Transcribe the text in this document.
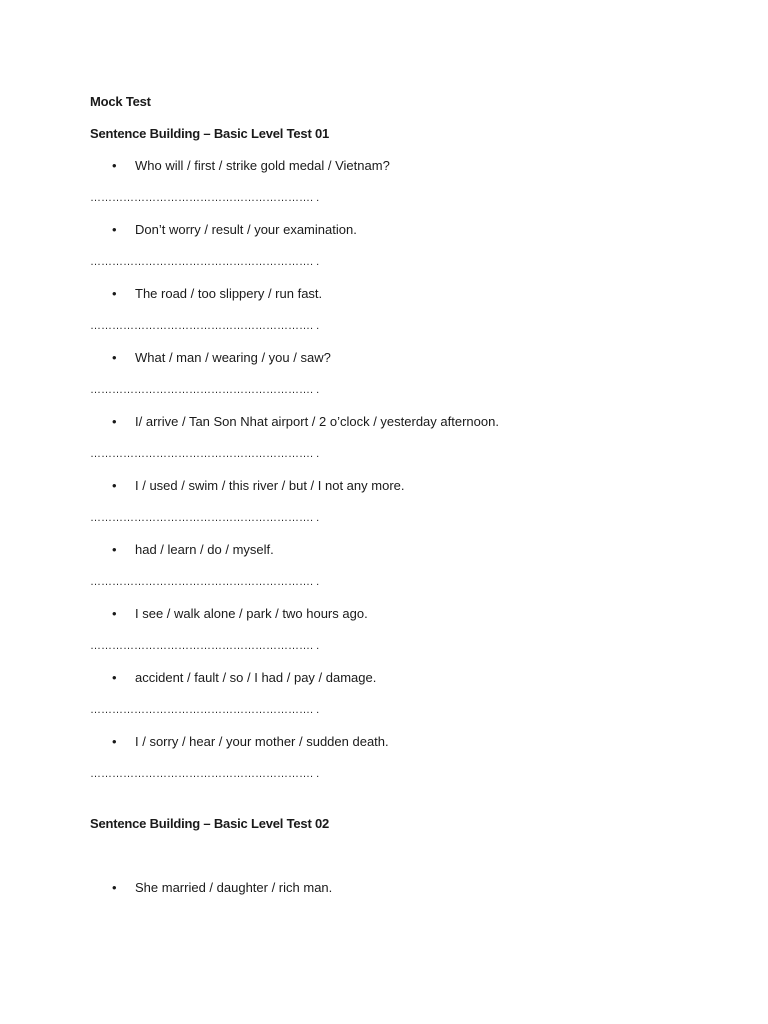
Mock Test
Sentence Building – Basic Level Test 01
• Who will / first / strike gold medal / Vietnam?
……………………………………………………. .
• Don’t worry / result / your examination.
……………………………………………………. .
• The road / too slippery / run fast.
……………………………………………………. .
• What / man / wearing / you / saw?
……………………………………………………. .
• I/ arrive / Tan Son Nhat airport / 2 o’clock / yesterday afternoon.
……………………………………………………. .
• I / used / swim / this river / but / I not any more.
……………………………………………………. .
• had / learn / do / myself.
……………………………………………………. .
• I see / walk alone / park / two hours ago.
……………………………………………………. .
• accident / fault / so / I had / pay / damage.
……………………………………………………. .
• I / sorry / hear / your mother / sudden death.
……………………………………………………. .
Sentence Building – Basic Level Test 02
• She married / daughter / rich man.
